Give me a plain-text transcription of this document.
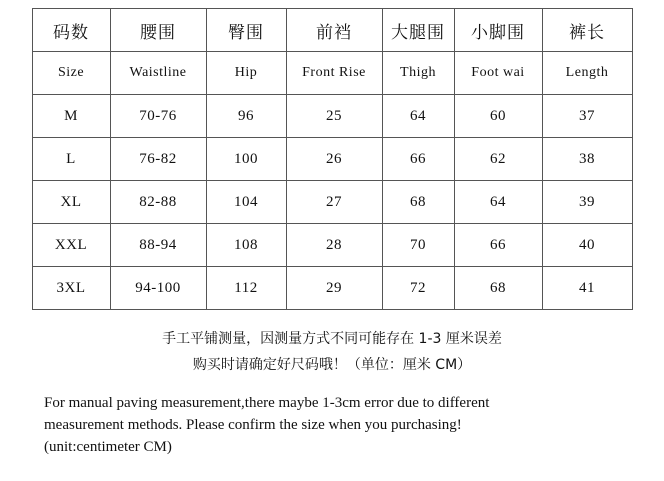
码数	腰围	臀围	前裆	大腿围	小脚围	裤长
Size	Waistline	Hip	Front Rise	Thigh	Foot wai	Length
M	70-76	96	25	64	60	37
L	76-82	100	26	66	62	38
XL	82-88	104	27	68	64	39
XXL	88-94	108	28	70	66	40
3XL	94-100	112	29	72	68	41
手工平铺测量，因测量方式不同可能存在 1-3 厘米误差
购买时请确定好尺码哦！（单位：厘米 CM）
For manual paving measurement,there maybe 1-3cm error due to different
measurement methods. Please confirm the size when you purchasing!
(unit:centimeter CM)
